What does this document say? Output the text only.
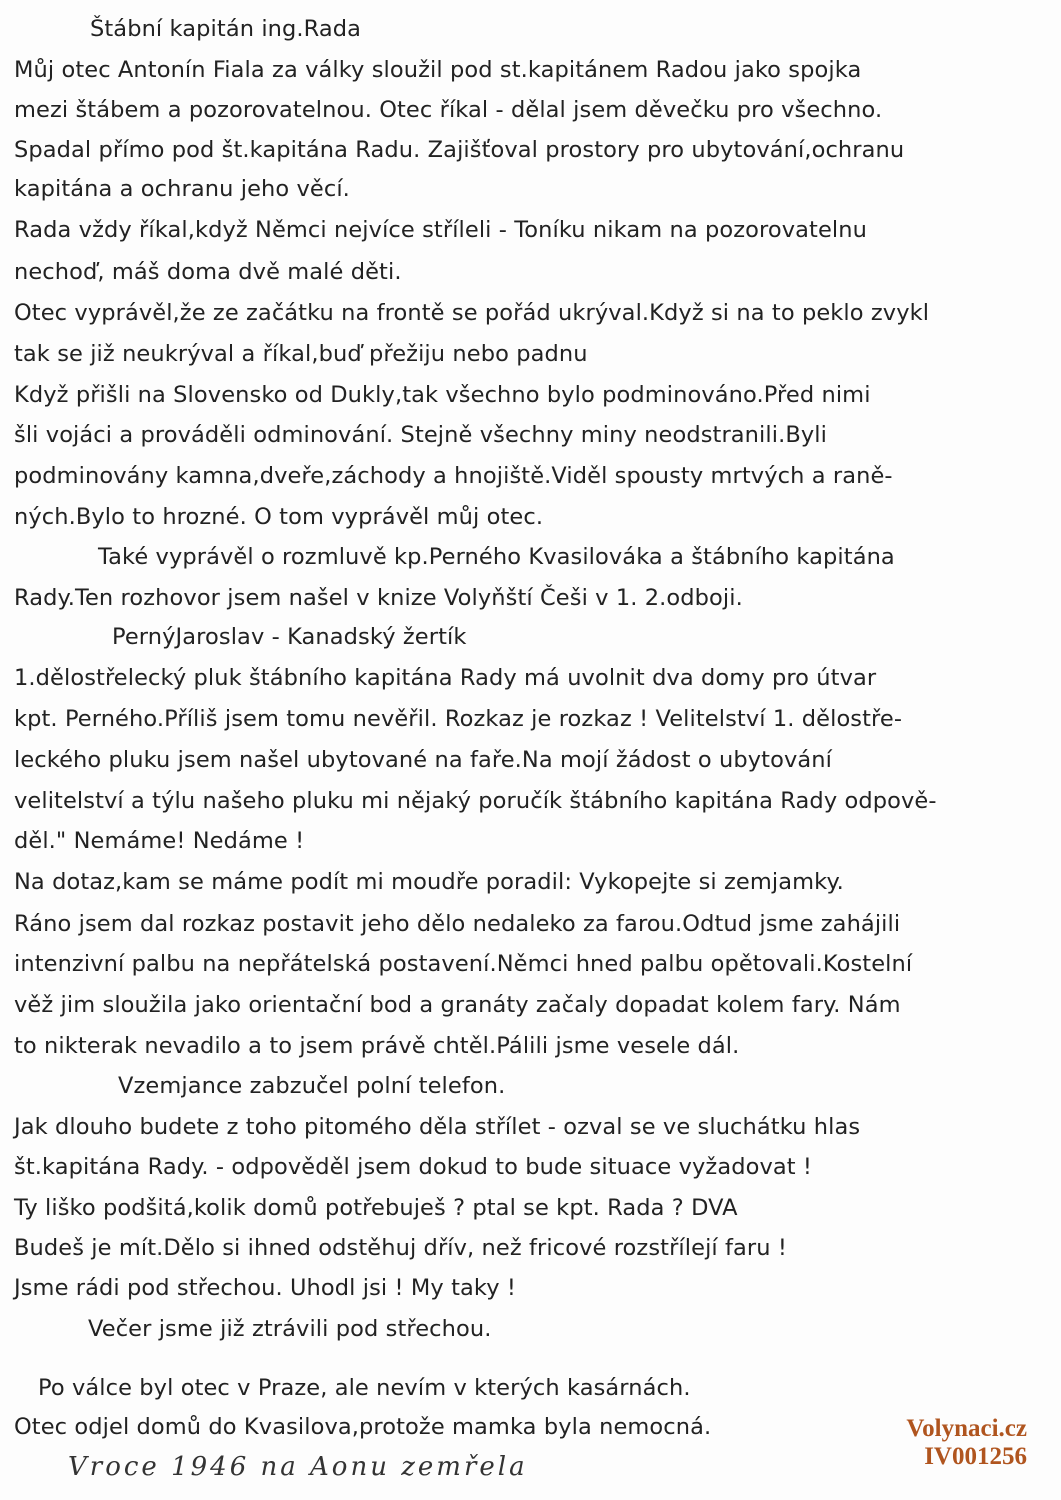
Štábní kapitán ing.Rada
Můj otec Antonín Fiala za války sloužil pod st.kapitánem Radou jako spojka
mezi štábem a pozorovatelnou. Otec říkal - dělal jsem děvečku pro všechno.
Spadal přímo pod št.kapitána Radu. Zajišťoval prostory pro ubytování,ochranu
kapitána a ochranu jeho věcí.
Rada vždy říkal,když Němci nejvíce stříleli - Toníku nikam na pozorovatelnu
nechoď, máš doma dvě malé děti.
Otec vyprávěl,že ze začátku na frontě se pořád ukrýval.Když si na to peklo zvykl
tak se již neukrýval a říkal,buď přežiju nebo padnu
Když přišli na Slovensko od Dukly,tak všechno bylo podminováno.Před nimi
šli vojáci a prováděli odminování. Stejně všechny miny neodstranili.Byli
podminovány kamna,dveře,záchody a hnojiště.Viděl spousty mrtvých a raně-
ných.Bylo to hrozné. O tom vyprávěl můj otec.
Také vyprávěl o rozmluvě kp.Perného Kvasilováka a štábního kapitána
Rady.Ten rozhovor jsem našel v knize Volyňští Češi v 1. 2.odboji.
PernýJaroslav - Kanadský žertík
1.dělostřelecký pluk štábního kapitána Rady má uvolnit dva domy pro útvar
kpt. Perného.Příliš jsem tomu nevěřil. Rozkaz je rozkaz ! Velitelství 1. dělostře-
leckého pluku jsem našel ubytované na faře.Na mojí žádost o ubytování
velitelství a týlu našeho pluku mi nějaký poručík štábního kapitána Rady odpově-
děl." Nemáme! Nedáme !
Na dotaz,kam se máme podít mi moudře poradil: Vykopejte si zemjamky.
Ráno jsem dal rozkaz postavit jeho dělo nedaleko za farou.Odtud jsme zahájili
intenzivní palbu na nepřátelská postavení.Němci hned palbu opětovali.Kostelní
věž jim sloužila jako orientační bod a granáty začaly dopadat kolem fary. Nám
to nikterak nevadilo a to jsem právě chtěl.Pálili jsme vesele dál.
Vzemjance zabzučel polní telefon.
Jak dlouho budete z toho pitomého děla střílet - ozval se ve sluchátku hlas
št.kapitána Rady. - odpověděl jsem dokud to bude situace vyžadovat !
Ty liško podšitá,kolik domů potřebuješ ? ptal se kpt. Rada ? DVA
Budeš je mít.Dělo si ihned odstěhuj dřív, než fricové rozstřílejí faru !
Jsme rádi pod střechou. Uhodl jsi ! My taky !
Večer jsme již ztrávili pod střechou.
Po válce byl otec v Praze, ale nevím v kterých kasárnách.
Otec odjel domů do Kvasilova,protože mamka byla nemocná.
Vroce 1946 na Aonu zemřela
Volynaci.cz
IV001256
